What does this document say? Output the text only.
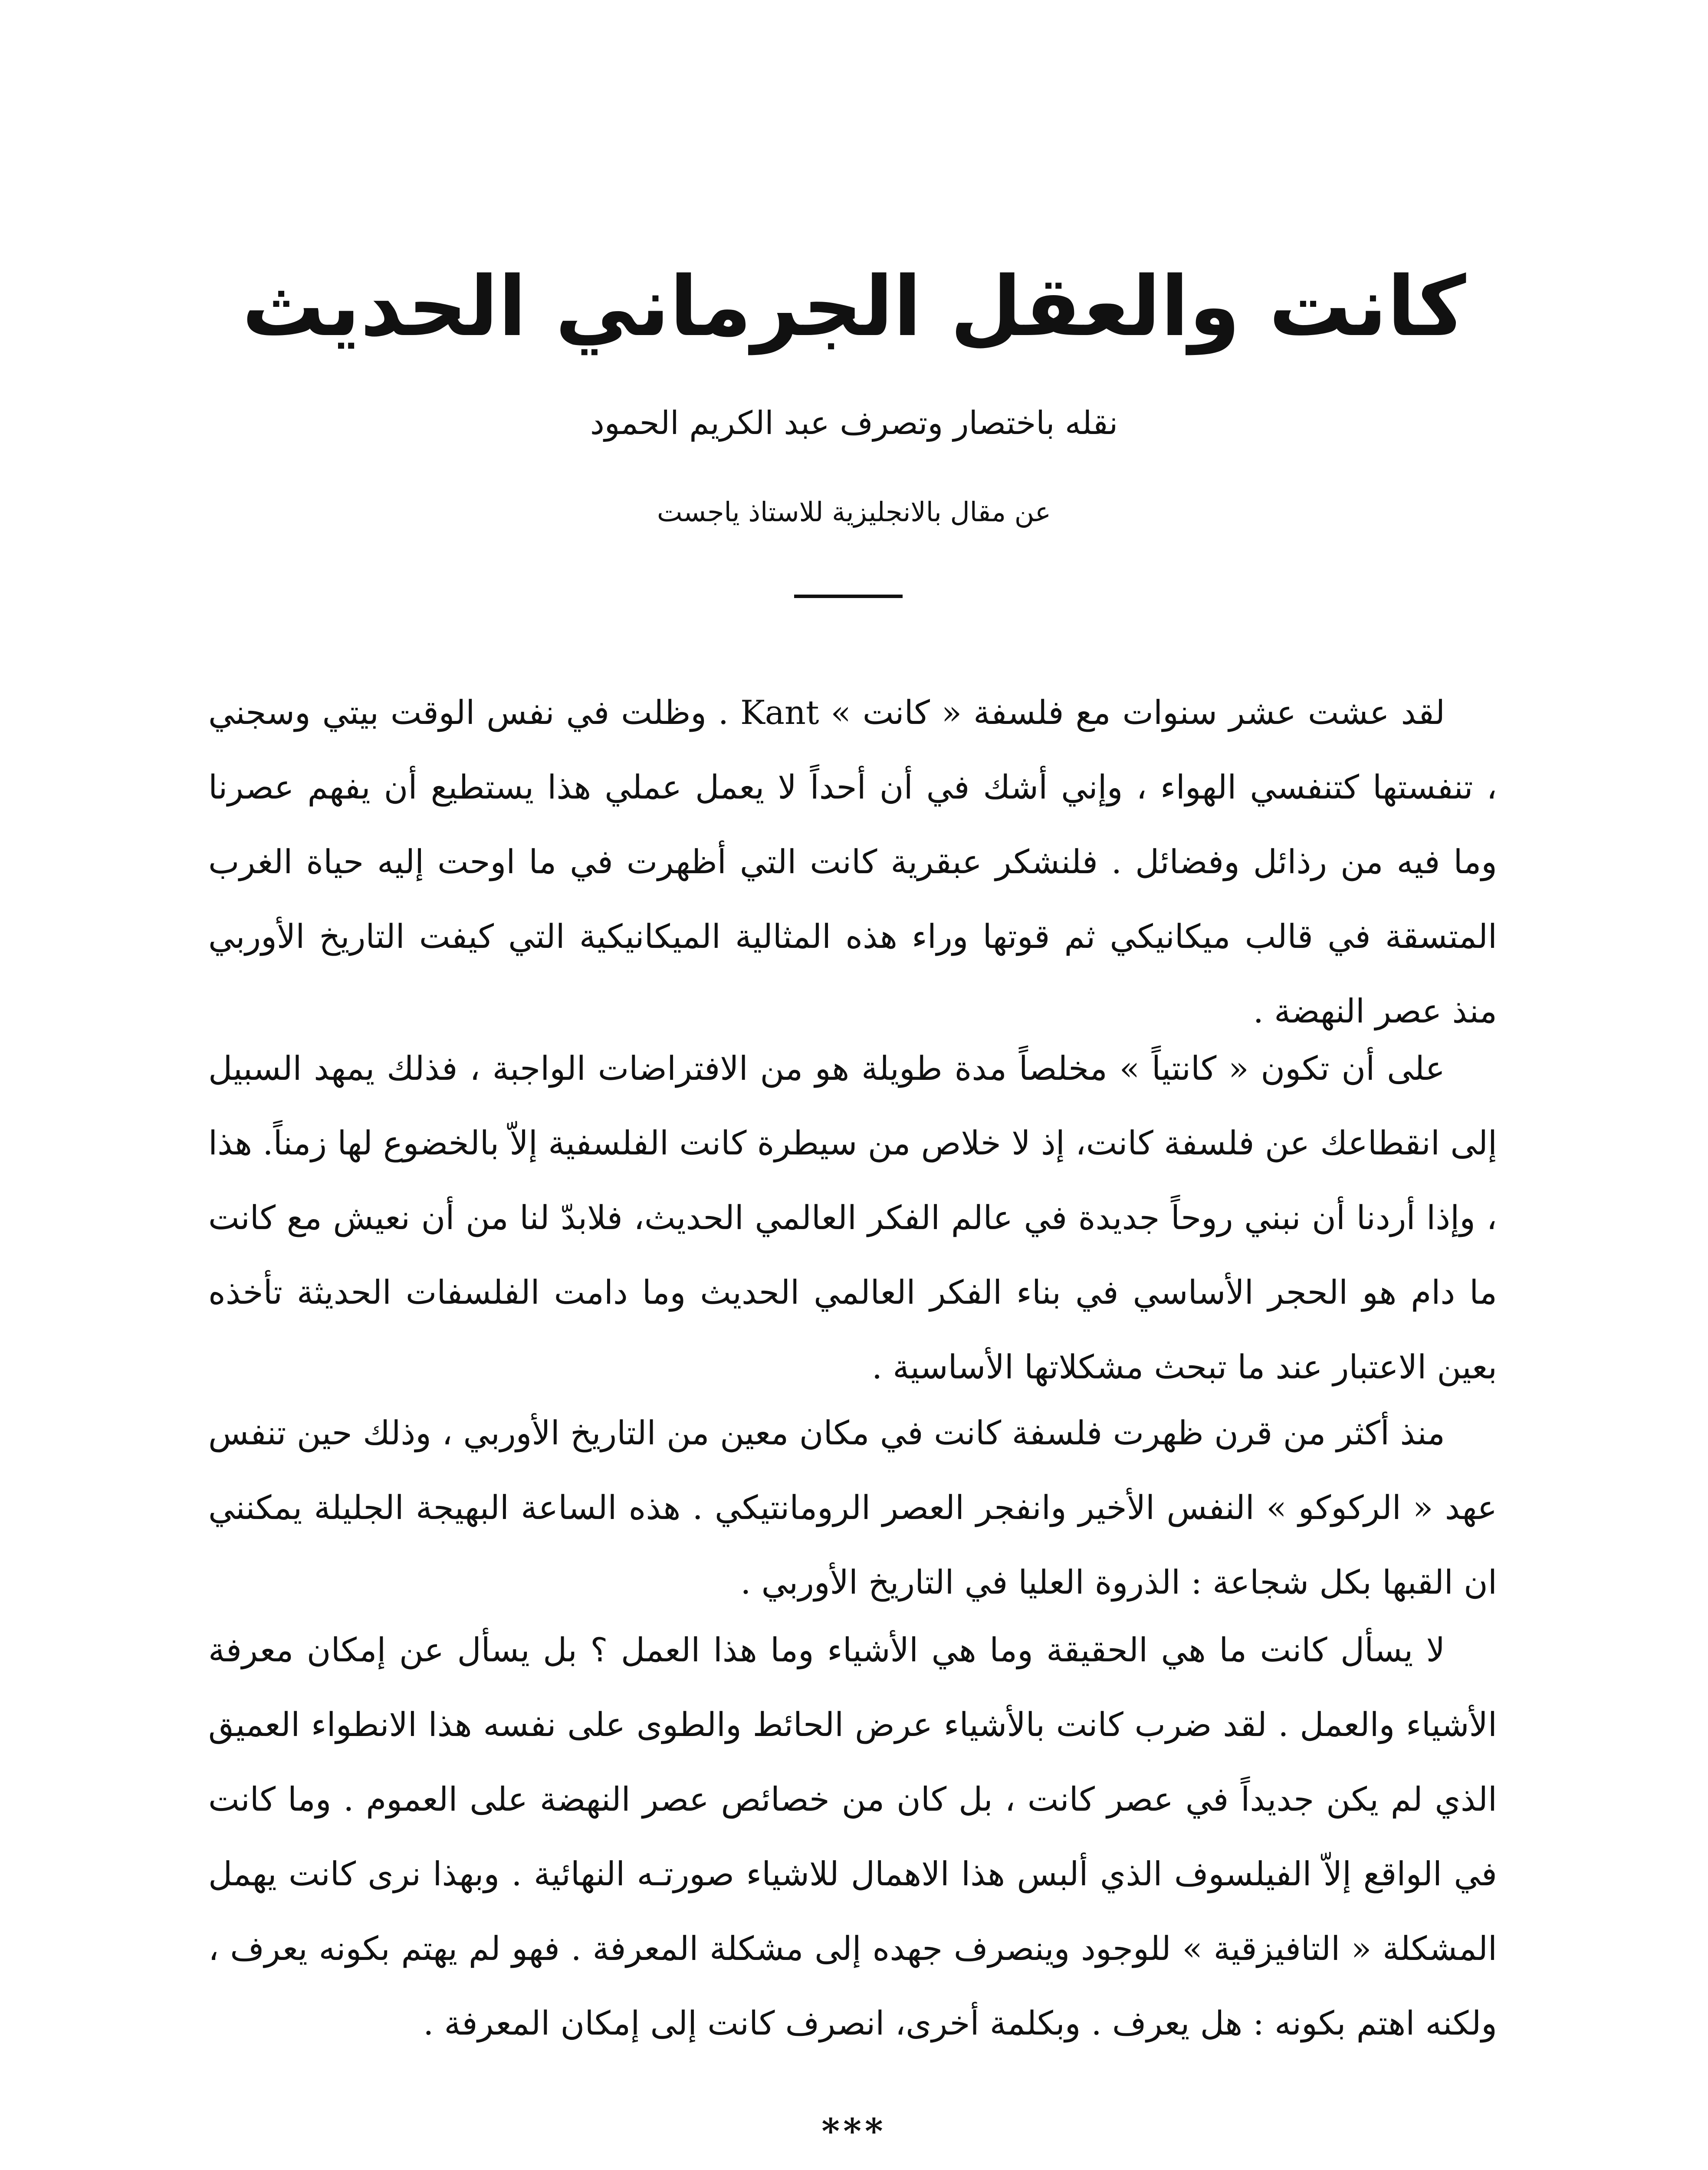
كانت والعقل الجرماني الحديث
نقله باختصار وتصرف عبد الكريم الحمود
عن مقال بالانجليزية للاستاذ ياجست

لقد عشت عشر سنوات مع فلسفة « كانت » Kant . وظلت في نفس الوقت بيتي وسجني ، تنفستها كتنفسي الهواء ، وإني أشك في أن أحداً لا يعمل عملي هذا يستطيع أن يفهم عصرنا وما فيه من رذائل وفضائل . فلنشكر عبقرية كانت التي أظهرت في ما اوحت إليه حياة الغرب المتسقة في قالب ميكانيكي ثم قوتها وراء هذه المثالية الميكانيكية التي كيفت التاريخ الأوربي منذ عصر النهضة .

على أن تكون « كانتياً » مخلصاً مدة طويلة هو من الافتراضات الواجبة ، فذلك يمهد السبيل إلى انقطاعك عن فلسفة كانت، إذ لا خلاص من سيطرة كانت الفلسفية إلاّ بالخضوع لها زمناً. هذا ، وإذا أردنا أن نبني روحاً جديدة في عالم الفكر العالمي الحديث، فلابدّ لنا من أن نعيش مع كانت ما دام هو الحجر الأساسي في بناء الفكر العالمي الحديث وما دامت الفلسفات الحديثة تأخذه بعين الاعتبار عند ما تبحث مشكلاتها الأساسية .

منذ أكثر من قرن ظهرت فلسفة كانت في مكان معين من التاريخ الأوربي ، وذلك حين تنفس عهد « الركوكو » النفس الأخير وانفجر العصر الرومانتيكي . هذه الساعة البهيجة الجليلة يمكنني ان القبها بكل شجاعة : الذروة العليا في التاريخ الأوربي .

لا يسأل كانت ما هي الحقيقة وما هي الأشياء وما هذا العمل ؟ بل يسأل عن إمكان معرفة الأشياء والعمل . لقد ضرب كانت بالأشياء عرض الحائط والطوى على نفسه هذا الانطواء العميق الذي لم يكن جديداً في عصر كانت ، بل كان من خصائص عصر النهضة على العموم . وما كانت في الواقع إلاّ الفيلسوف الذي ألبس هذا الاهمال للاشياء صورتـه النهائية . وبهذا نرى كانت يهمل المشكلة « التافيزقية » للوجود وينصرف جهده إلى مشكلة المعرفة . فهو لم يهتم بكونه يعرف ، ولكنه اهتم بكونه : هل يعرف . وبكلمة أخرى، انصرف كانت إلى إمكان المعرفة .

***
